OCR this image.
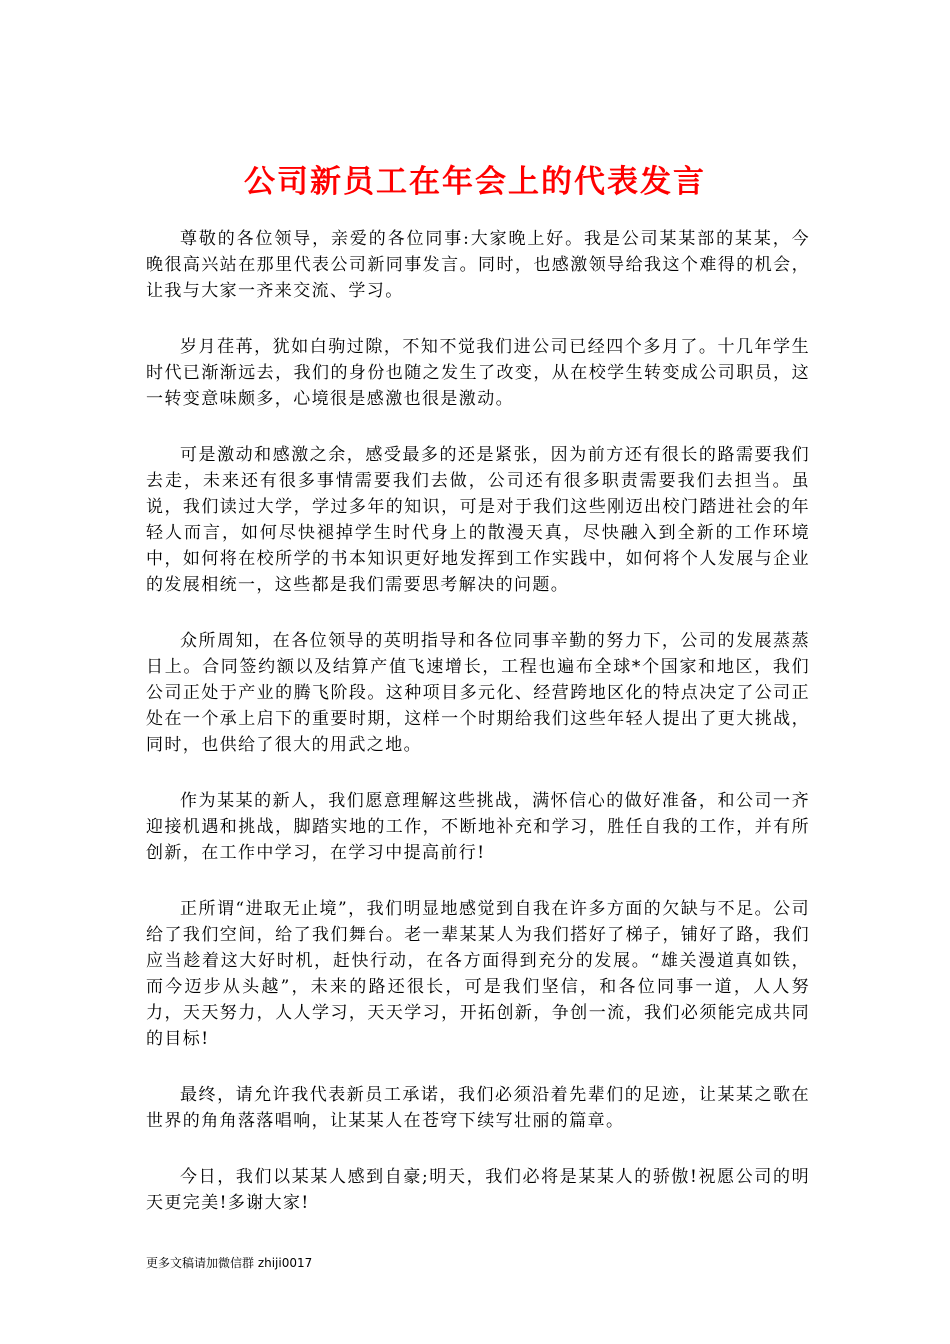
公司新员工在年会上的代表发言

尊敬的各位领导，亲爱的各位同事:大家晚上好。我是公司某某部的某某，今晚很高兴站在那里代表公司新同事发言。同时，也感激领导给我这个难得的机会，让我与大家一齐来交流、学习。

岁月荏苒，犹如白驹过隙，不知不觉我们进公司已经四个多月了。十几年学生时代已渐渐远去，我们的身份也随之发生了改变，从在校学生转变成公司职员，这一转变意味颇多，心境很是感激也很是激动。

可是激动和感激之余，感受最多的还是紧张，因为前方还有很长的路需要我们去走，未来还有很多事情需要我们去做，公司还有很多职责需要我们去担当。虽说，我们读过大学，学过多年的知识，可是对于我们这些刚迈出校门踏进社会的年轻人而言，如何尽快褪掉学生时代身上的散漫天真，尽快融入到全新的工作环境中，如何将在校所学的书本知识更好地发挥到工作实践中，如何将个人发展与企业的发展相统一，这些都是我们需要思考解决的问题。

众所周知，在各位领导的英明指导和各位同事辛勤的努力下，公司的发展蒸蒸日上。合同签约额以及结算产值飞速增长，工程也遍布全球*个国家和地区，我们公司正处于产业的腾飞阶段。这种项目多元化、经营跨地区化的特点决定了公司正处在一个承上启下的重要时期，这样一个时期给我们这些年轻人提出了更大挑战，同时，也供给了很大的用武之地。

作为某某的新人，我们愿意理解这些挑战，满怀信心的做好准备，和公司一齐迎接机遇和挑战，脚踏实地的工作，不断地补充和学习，胜任自我的工作，并有所创新，在工作中学习，在学习中提高前行!

正所谓“进取无止境”，我们明显地感觉到自我在许多方面的欠缺与不足。公司给了我们空间，给了我们舞台。老一辈某某人为我们搭好了梯子，铺好了路，我们应当趁着这大好时机，赶快行动，在各方面得到充分的发展。“雄关漫道真如铁，而今迈步从头越”，未来的路还很长，可是我们坚信，和各位同事一道，人人努力，天天努力，人人学习，天天学习，开拓创新，争创一流，我们必须能完成共同的目标!

最终，请允许我代表新员工承诺，我们必须沿着先辈们的足迹，让某某之歌在世界的角角落落唱响，让某某人在苍穹下续写壮丽的篇章。

今日，我们以某某人感到自豪;明天，我们必将是某某人的骄傲!祝愿公司的明天更完美!多谢大家!

更多文稿请加微信群 zhiji0017
